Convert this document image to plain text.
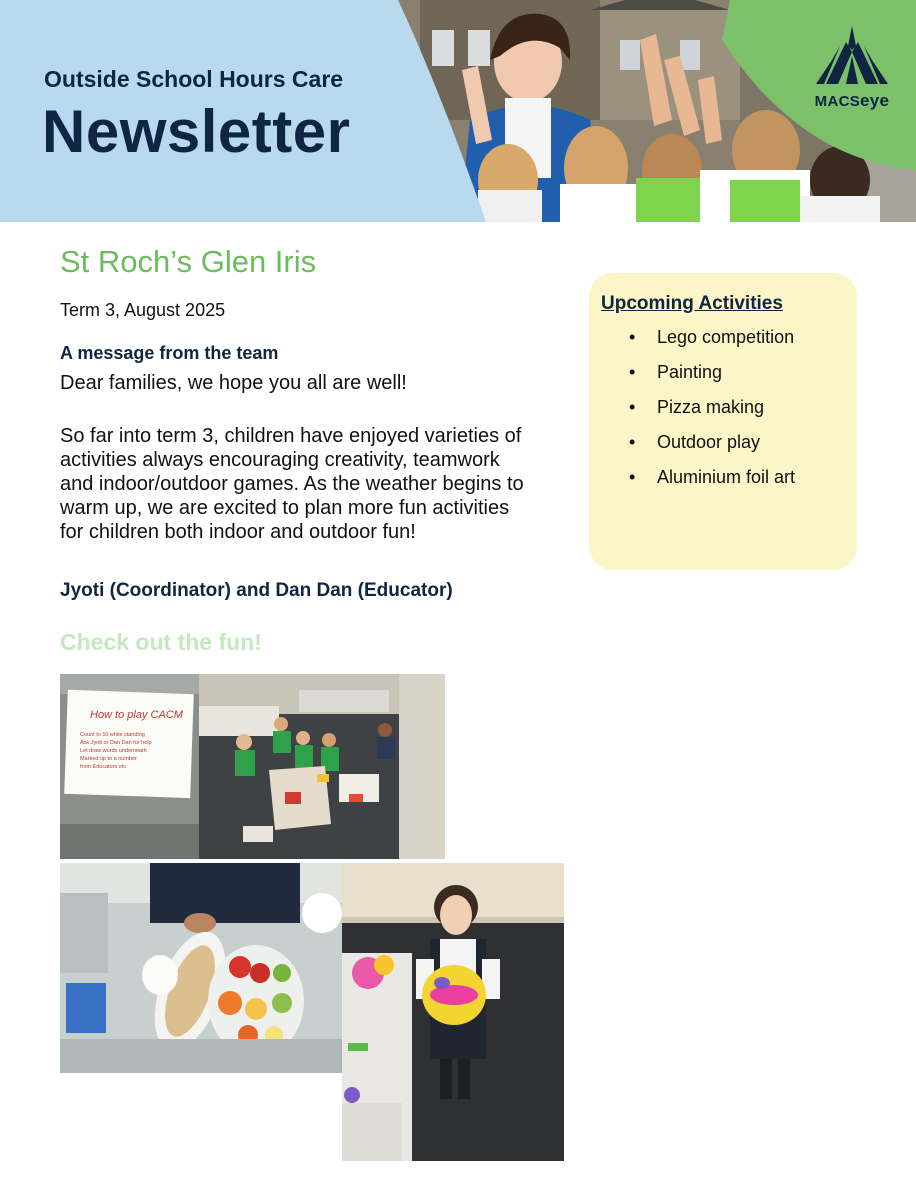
Outside School Hours Care

Newsletter	MACSeye
St Roch’s Glen Iris
Term 3, August 2025
A message from the team
Dear families, we hope you all are well!
So far into term 3, children have enjoyed varieties of
activities always encouraging creativity, teamwork
and indoor/outdoor games. As the weather begins to
warm up, we are excited to plan more fun activities
for children both indoor and outdoor fun!
Jyoti (Coordinator) and Dan Dan (Educator)
Upcoming Activities
• Lego competition
• Painting
• Pizza making
• Outdoor play
• Aluminium foil art
Check out the fun!
How to play CACM
Count to 10 while standing
Ask Jyoti or Dan Dan for help
Let draw words underneath
Marked up to a number
from Educators etc
